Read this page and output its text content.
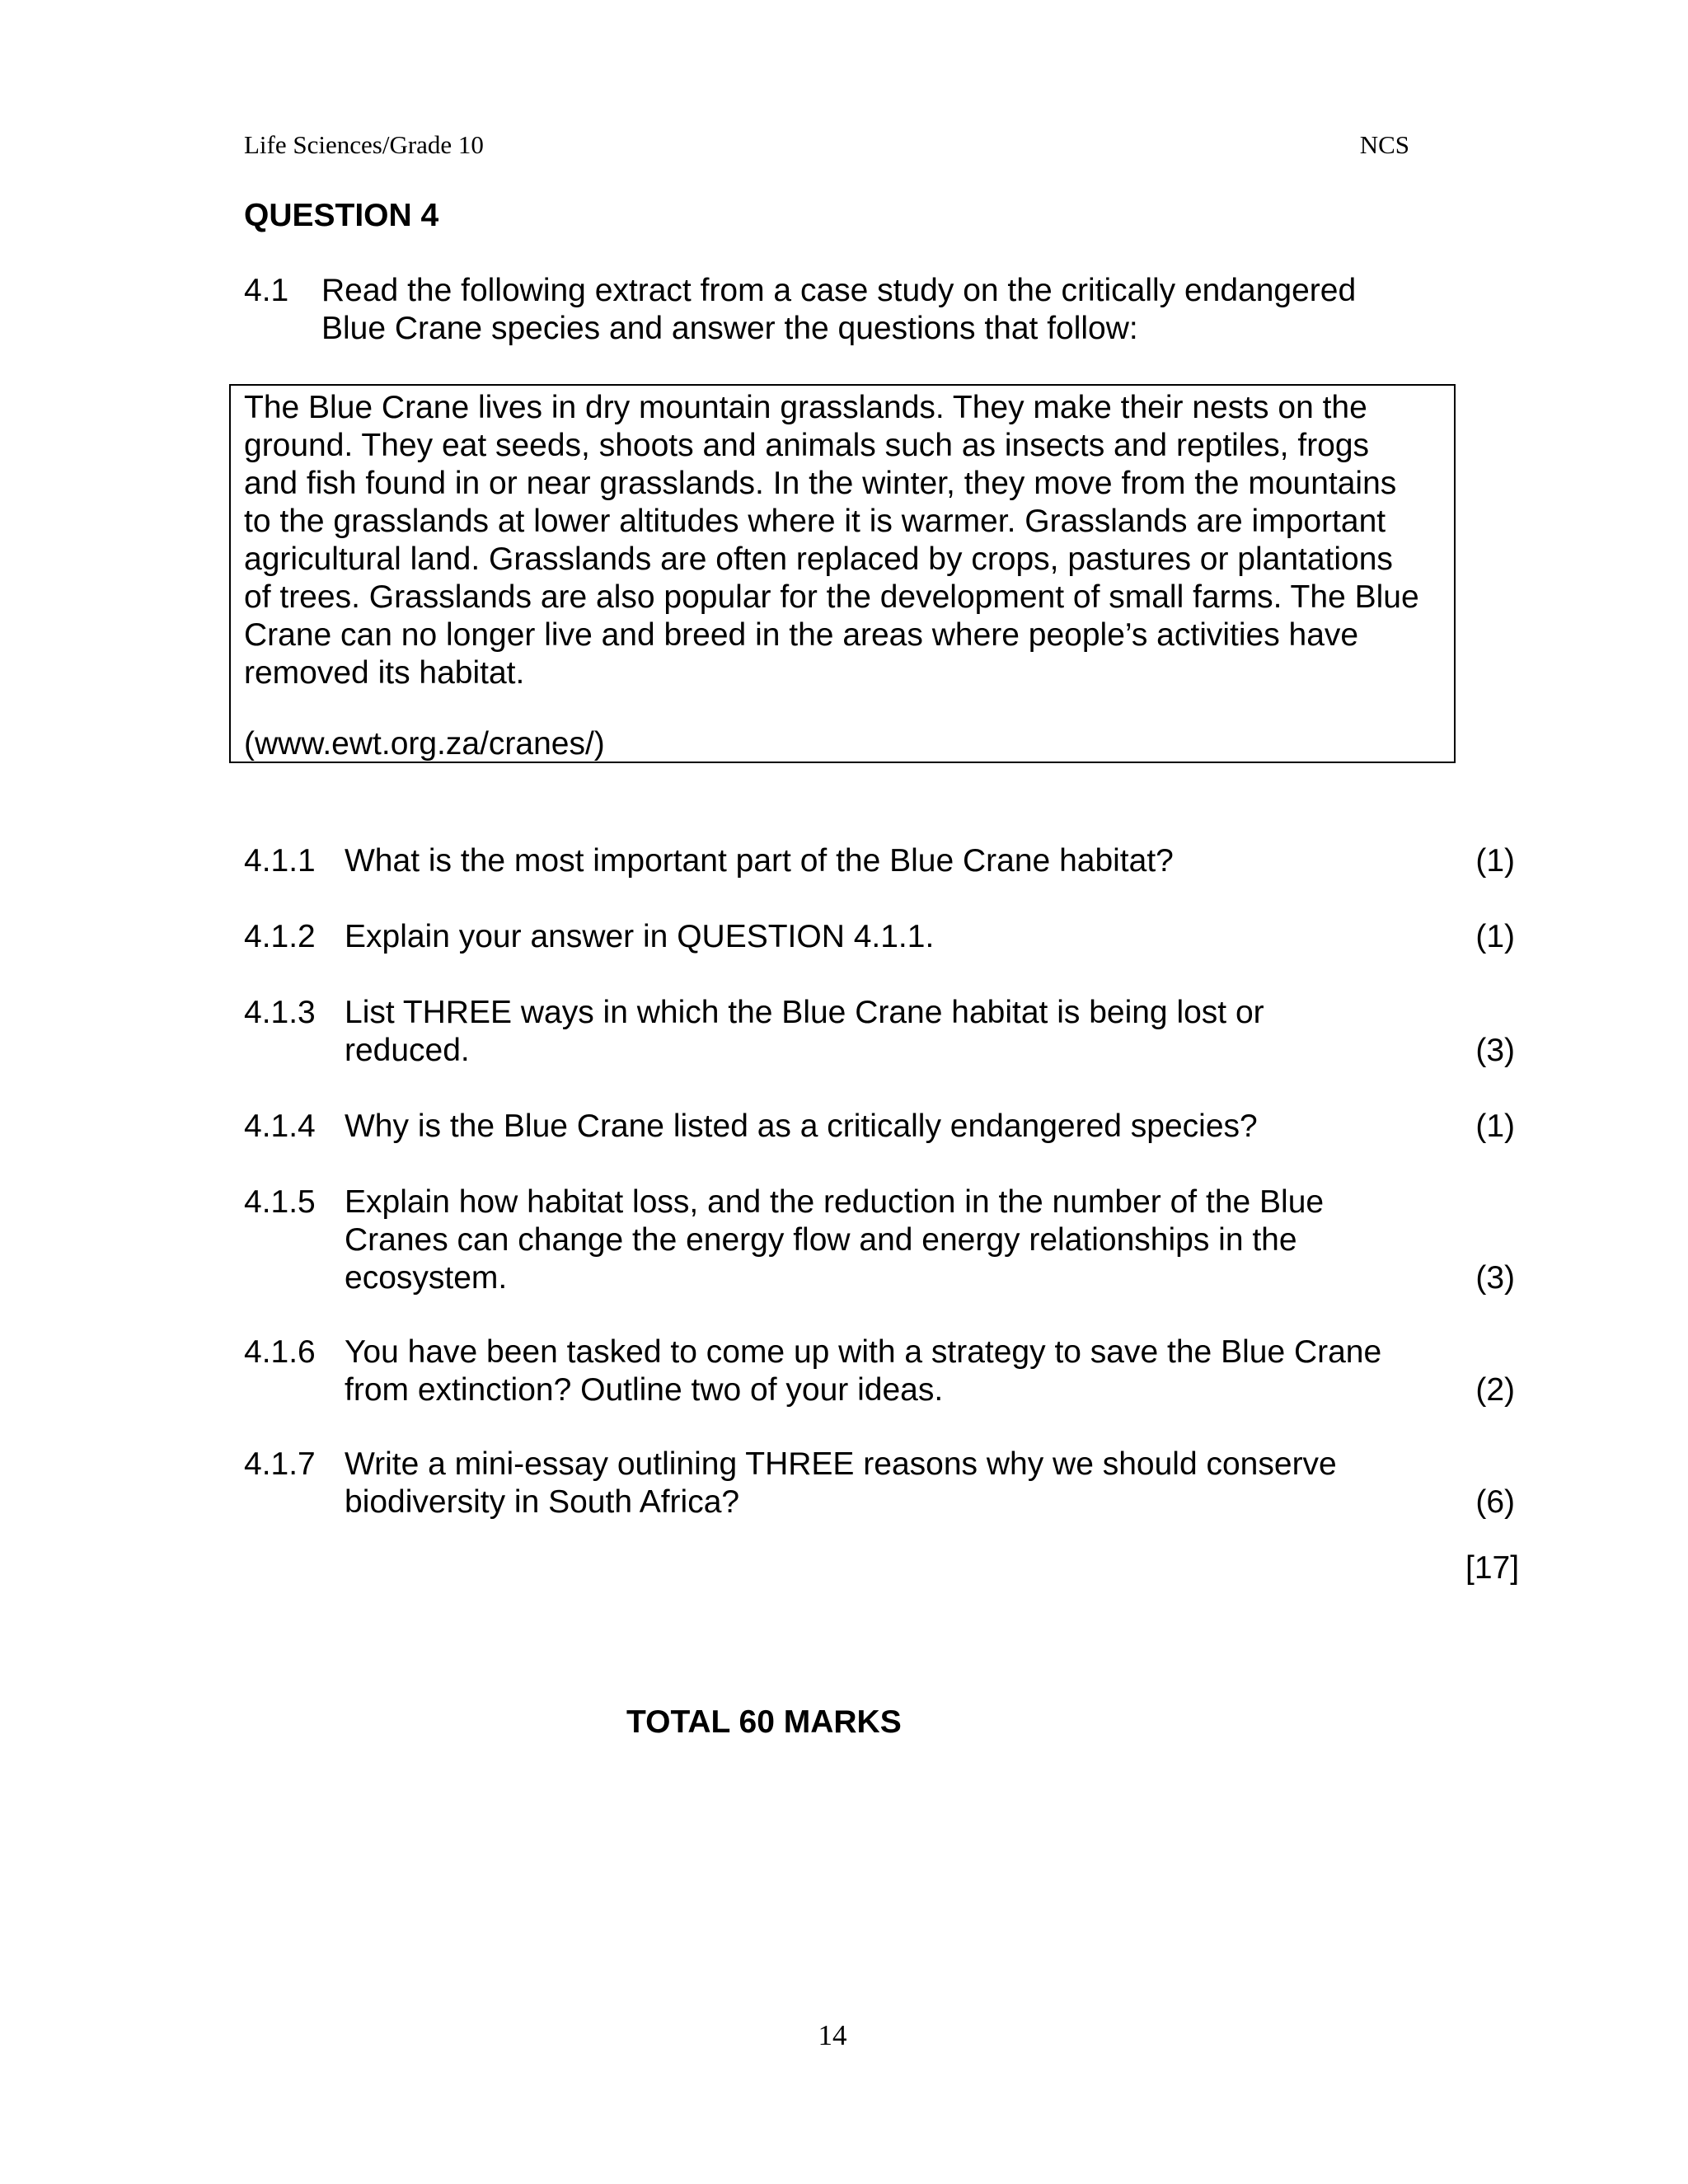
Life Sciences/Grade 10	NCS
QUESTION 4
4.1 Read the following extract from a case study on the critically endangered
Blue Crane species and answer the questions that follow:
The Blue Crane lives in dry mountain grasslands. They make their nests on the
ground. They eat seeds, shoots and animals such as insects and reptiles, frogs
and fish found in or near grasslands. In the winter, they move from the mountains
to the grasslands at lower altitudes where it is warmer. Grasslands are important
agricultural land. Grasslands are often replaced by crops, pastures or plantations
of trees. Grasslands are also popular for the development of small farms. The Blue
Crane can no longer live and breed in the areas where people’s activities have
removed its habitat.
(www.ewt.org.za/cranes/)
4.1.1 What is the most important part of the Blue Crane habitat?	(1)
4.1.2 Explain your answer in QUESTION 4.1.1.	(1)
4.1.3 List THREE ways in which the Blue Crane habitat is being lost or
reduced.	(3)
4.1.4 Why is the Blue Crane listed as a critically endangered species?	(1)
4.1.5 Explain how habitat loss, and the reduction in the number of the Blue
Cranes can change the energy flow and energy relationships in the
ecosystem.	(3)
4.1.6 You have been tasked to come up with a strategy to save the Blue Crane
from extinction? Outline two of your ideas.	(2)
4.1.7 Write a mini-essay outlining THREE reasons why we should conserve
biodiversity in South Africa?	(6)
[17]
TOTAL 60 MARKS
14
